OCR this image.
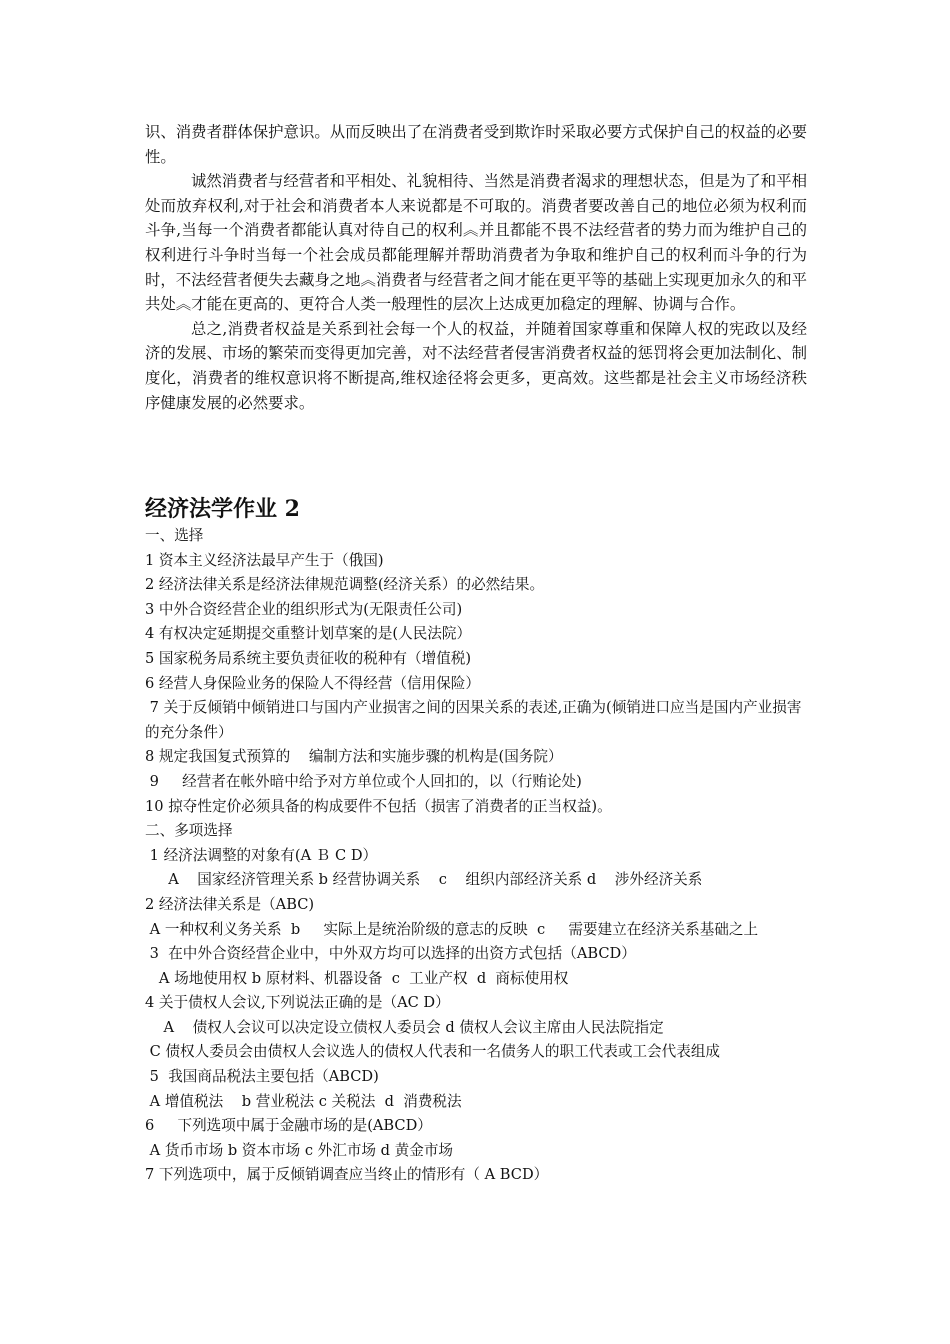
识、消费者群体保护意识。从而反映出了在消费者受到欺诈时采取必要方式保护自己的权益的必要性。

诚然消费者与经营者和平相处、礼貌相待、当然是消费者渴求的理想状态，但是为了和平相处而放弃权利,对于社会和消费者本人来说都是不可取的。消费者要改善自己的地位必须为权利而斗争,当每一个消费者都能认真对待自己的权利︽并且都能不畏不法经营者的势力而为维护自己的权利进行斗争时当每一个社会成员都能理解并帮助消费者为争取和维护自己的权利而斗争的行为时，不法经营者便失去藏身之地︽消费者与经营者之间才能在更平等的基础上实现更加永久的和平共处︽才能在更高的、更符合人类一般理性的层次上达成更加稳定的理解、协调与合作。

总之,消费者权益是关系到社会每一个人的权益，并随着国家尊重和保障人权的宪政以及经济的发展、市场的繁荣而变得更加完善，对不法经营者侵害消费者权益的惩罚将会更加法制化、制度化，消费者的维权意识将不断提高,维权途径将会更多，更高效。这些都是社会主义市场经济秩序健康发展的必然要求。

经济法学作业 2
一、选择
1 资本主义经济法最早产生于（俄国)
2 经济法律关系是经济法律规范调整(经济关系）的必然结果。
3 中外合资经营企业的组织形式为(无限责任公司)
4 有权决定延期提交重整计划草案的是(人民法院）
5 国家税务局系统主要负责征收的税种有（增值税)
6 经营人身保险业务的保险人不得经营（信用保险）
7 关于反倾销中倾销进口与国内产业损害之间的因果关系的表述,正确为(倾销进口应当是国内产业损害的充分条件）
8 规定我国复式预算的    编制方法和实施步骤的机构是(国务院）
9     经营者在帐外暗中给予对方单位或个人回扣的，以（行贿论处)
10 掠夺性定价必须具备的构成要件不包括（损害了消费者的正当权益)。
二、多项选择
1 经济法调整的对象有(A Ｂ C D）
A    国家经济管理关系 b 经营协调关系    c    组织内部经济关系 d    涉外经济关系
2 经济法律关系是（ABC)
A 一种权利义务关系  b     实际上是统治阶级的意志的反映  c     需要建立在经济关系基础之上
3  在中外合资经营企业中，中外双方均可以选择的出资方式包括（ABCD）
A 场地使用权 b 原材料、机器设备  c  工业产权  d  商标使用权
4 关于债权人会议,下列说法正确的是（AC D）
A    债权人会议可以决定设立债权人委员会 d 债权人会议主席由人民法院指定
C 债权人委员会由债权人会议选人的债权人代表和一名债务人的职工代表或工会代表组成
5  我国商品税法主要包括（ABCD)
A 增值税法    b 营业税法 c 关税法  d  消费税法
6     下列选项中属于金融市场的是(ABCD）
A 货币市场 b 资本市场 c 外汇市场 d 黄金市场
7 下列选项中，属于反倾销调查应当终止的情形有（ A BCD）
